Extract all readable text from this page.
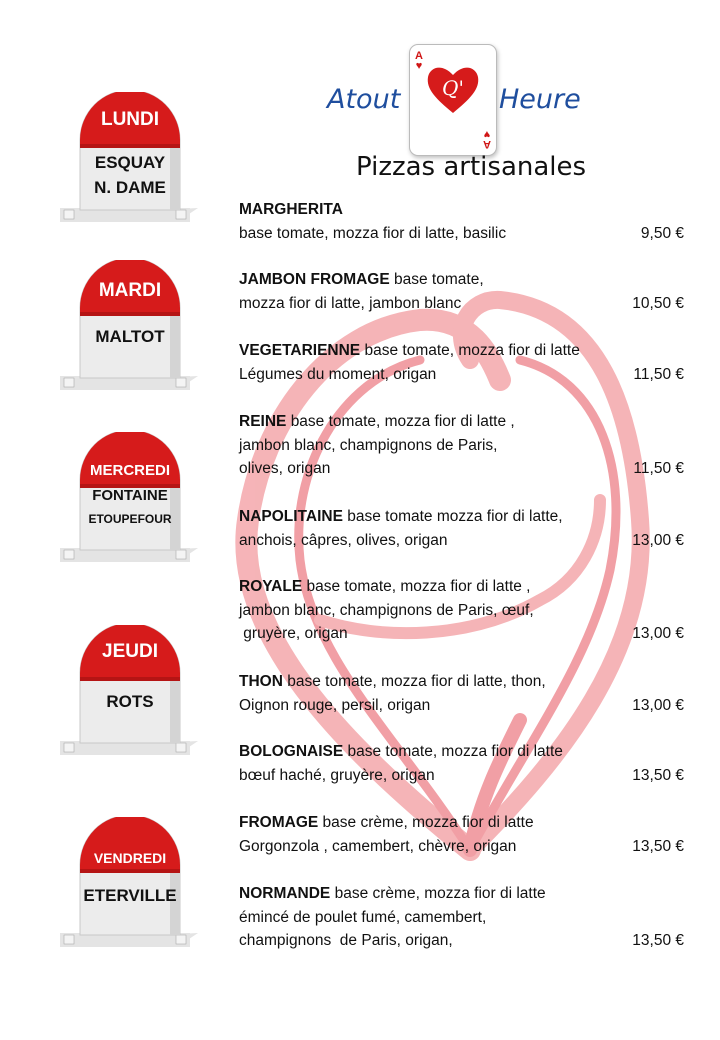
Atout
A
♥
Q'
A
♥
Heure
Pizzas artisanales
LUNDI
ESQUAY
N. DAME
MARDI
MALTOT

MERCREDI
FONTAINE
ETOUPEFOUR
JEUDI
ROTS

VENDREDI
ETERVILLE

MARGHERITA
base tomate, mozza fior di latte, basilic	9,50 €
JAMBON FROMAGE base tomate,
mozza fior di latte, jambon blanc	10,50 €
VEGETARIENNE base tomate, mozza fior di latte
Légumes du moment, origan	11,50 €
REINE base tomate, mozza fior di latte ,
jambon blanc, champignons de Paris,
olives, origan	11,50 €
NAPOLITAINE base tomate mozza fior di latte,
anchois, câpres, olives, origan	13,00 €
ROYALE base tomate, mozza fior di latte ,
jambon blanc, champignons de Paris, œuf,
gruyère, origan	13,00 €
THON base tomate, mozza fior di latte, thon,
Oignon rouge, persil, origan	13,00 €
BOLOGNAISE base tomate, mozza fior di latte
bœuf haché, gruyère, origan	13,50 €
FROMAGE base crème, mozza fior di latte
Gorgonzola , camembert, chèvre, origan	13,50 €
NORMANDE base crème, mozza fior di latte
émincé de poulet fumé, camembert,
champignons  de Paris, origan,	13,50 €
